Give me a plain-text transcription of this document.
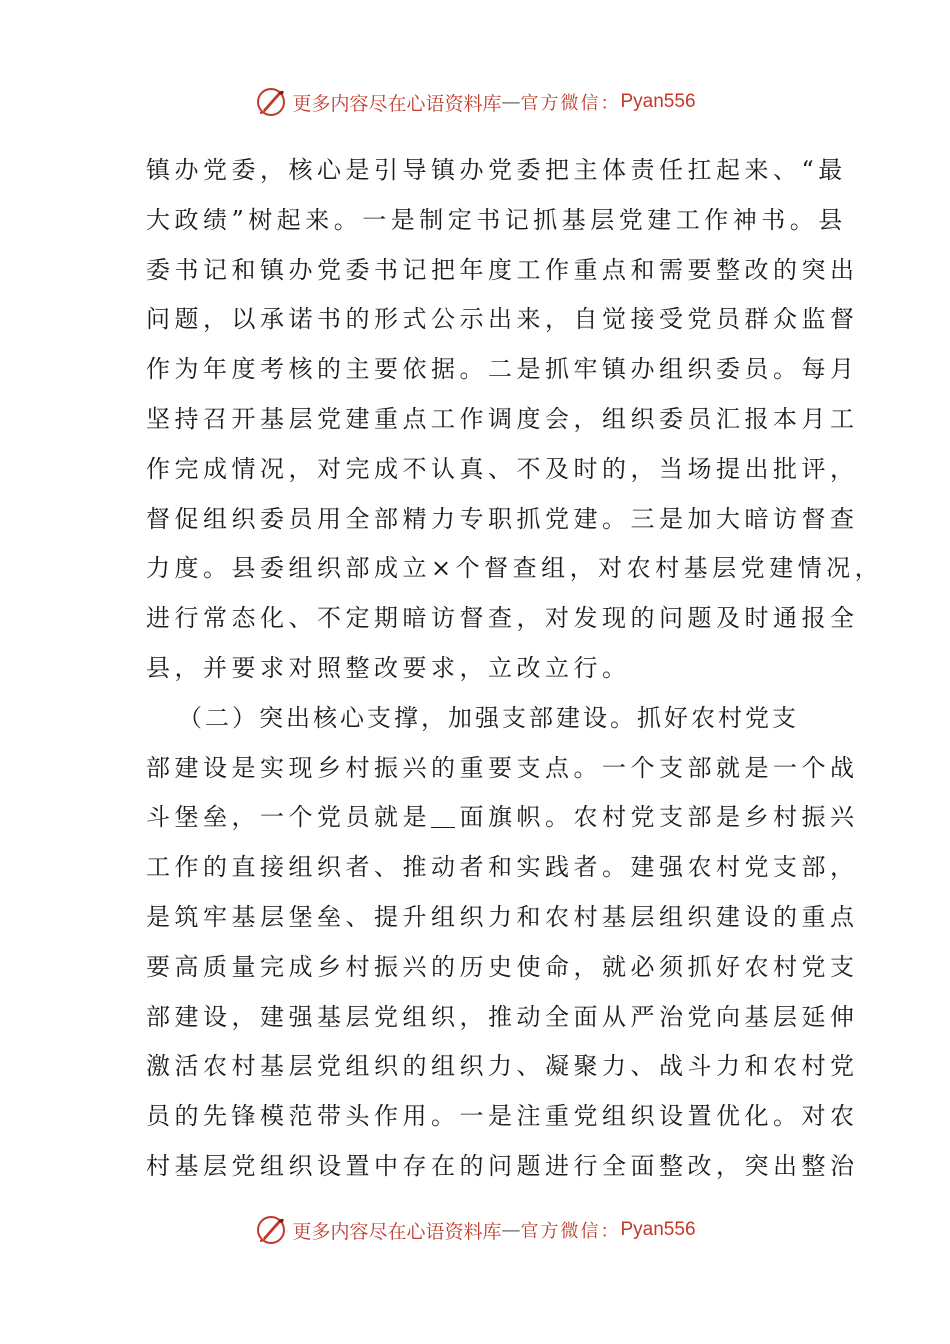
更多内容尽在心语资料库 — 官方微信： Pyan556
镇办党委，核心是引导镇办党委把主体责任扛起来、“最
大政绩”树起来。一是制定书记抓基层党建工作神书。县
委书记和镇办党委书记把年度工作重点和需要整改的突出
问题，以承诺书的形式公示出来，自觉接受党员群众监督
作为年度考核的主要依据。二是抓牢镇办组织委员。每月
坚持召开基层党建重点工作调度会，组织委员汇报本月工
作完成情况，对完成不认真、不及时的，当场提出批评，
督促组织委员用全部精力专职抓党建。三是加大暗访督查
力度。县委组织部成立×个督查组，对农村基层党建情况，
进行常态化、不定期暗访督查，对发现的问题及时通报全
县，并要求对照整改要求，立改立行。
（二）突出核心支撑，加强支部建设。抓好农村党支
部建设是实现乡村振兴的重要支点。一个支部就是一个战
斗堡垒，一个党员就是＿面旗帜。农村党支部是乡村振兴
工作的直接组织者、推动者和实践者。建强农村党支部，
是筑牢基层堡垒、提升组织力和农村基层组织建设的重点
要高质量完成乡村振兴的历史使命，就必须抓好农村党支
部建设，建强基层党组织，推动全面从严治党向基层延伸
激活农村基层党组织的组织力、凝聚力、战斗力和农村党
员的先锋模范带头作用。一是注重党组织设置优化。对农
村基层党组织设置中存在的问题进行全面整改，突出整治
更多内容尽在心语资料库 — 官方微信： Pyan556
